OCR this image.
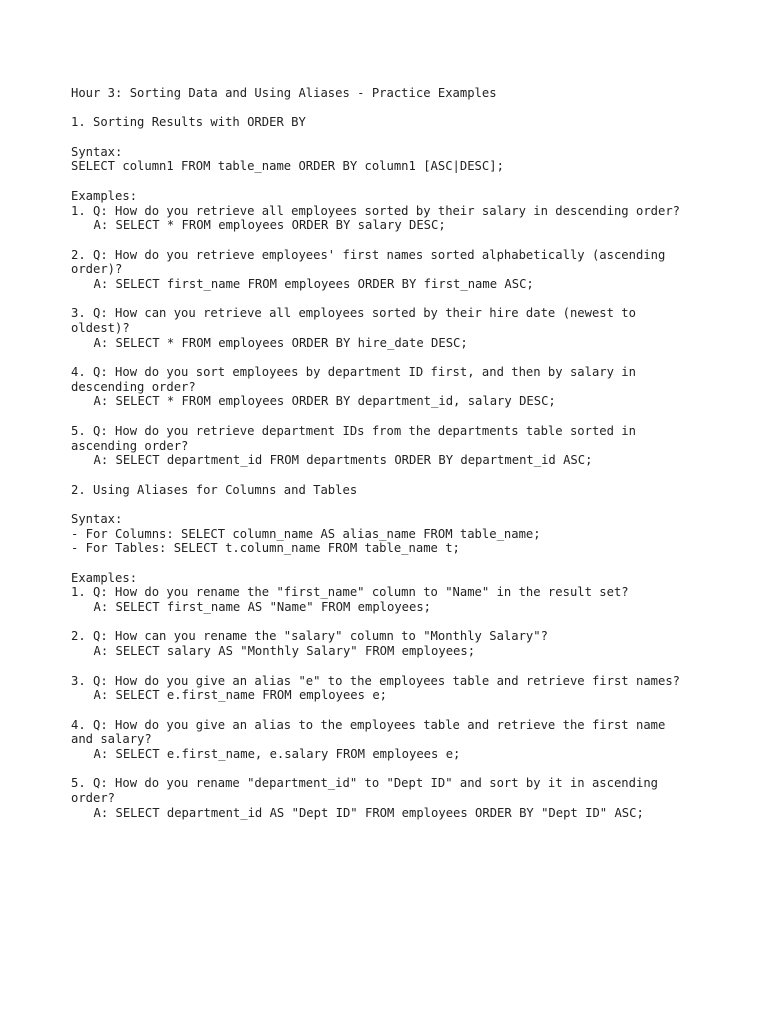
Hour 3: Sorting Data and Using Aliases - Practice Examples
1. Sorting Results with ORDER BY
Syntax:
SELECT column1 FROM table_name ORDER BY column1 [ASC|DESC];
Examples:
1. Q: How do you retrieve all employees sorted by their salary in descending order?
A: SELECT * FROM employees ORDER BY salary DESC;
2. Q: How do you retrieve employees' first names sorted alphabetically (ascending
order)?
A: SELECT first_name FROM employees ORDER BY first_name ASC;
3. Q: How can you retrieve all employees sorted by their hire date (newest to
oldest)?
A: SELECT * FROM employees ORDER BY hire_date DESC;
4. Q: How do you sort employees by department ID first, and then by salary in
descending order?
A: SELECT * FROM employees ORDER BY department_id, salary DESC;
5. Q: How do you retrieve department IDs from the departments table sorted in
ascending order?
A: SELECT department_id FROM departments ORDER BY department_id ASC;
2. Using Aliases for Columns and Tables
Syntax:
- For Columns: SELECT column_name AS alias_name FROM table_name;
- For Tables: SELECT t.column_name FROM table_name t;
Examples:
1. Q: How do you rename the "first_name" column to "Name" in the result set?
A: SELECT first_name AS "Name" FROM employees;
2. Q: How can you rename the "salary" column to "Monthly Salary"?
A: SELECT salary AS "Monthly Salary" FROM employees;
3. Q: How do you give an alias "e" to the employees table and retrieve first names?
A: SELECT e.first_name FROM employees e;
4. Q: How do you give an alias to the employees table and retrieve the first name
and salary?
A: SELECT e.first_name, e.salary FROM employees e;
5. Q: How do you rename "department_id" to "Dept ID" and sort by it in ascending
order?
A: SELECT department_id AS "Dept ID" FROM employees ORDER BY "Dept ID" ASC;
